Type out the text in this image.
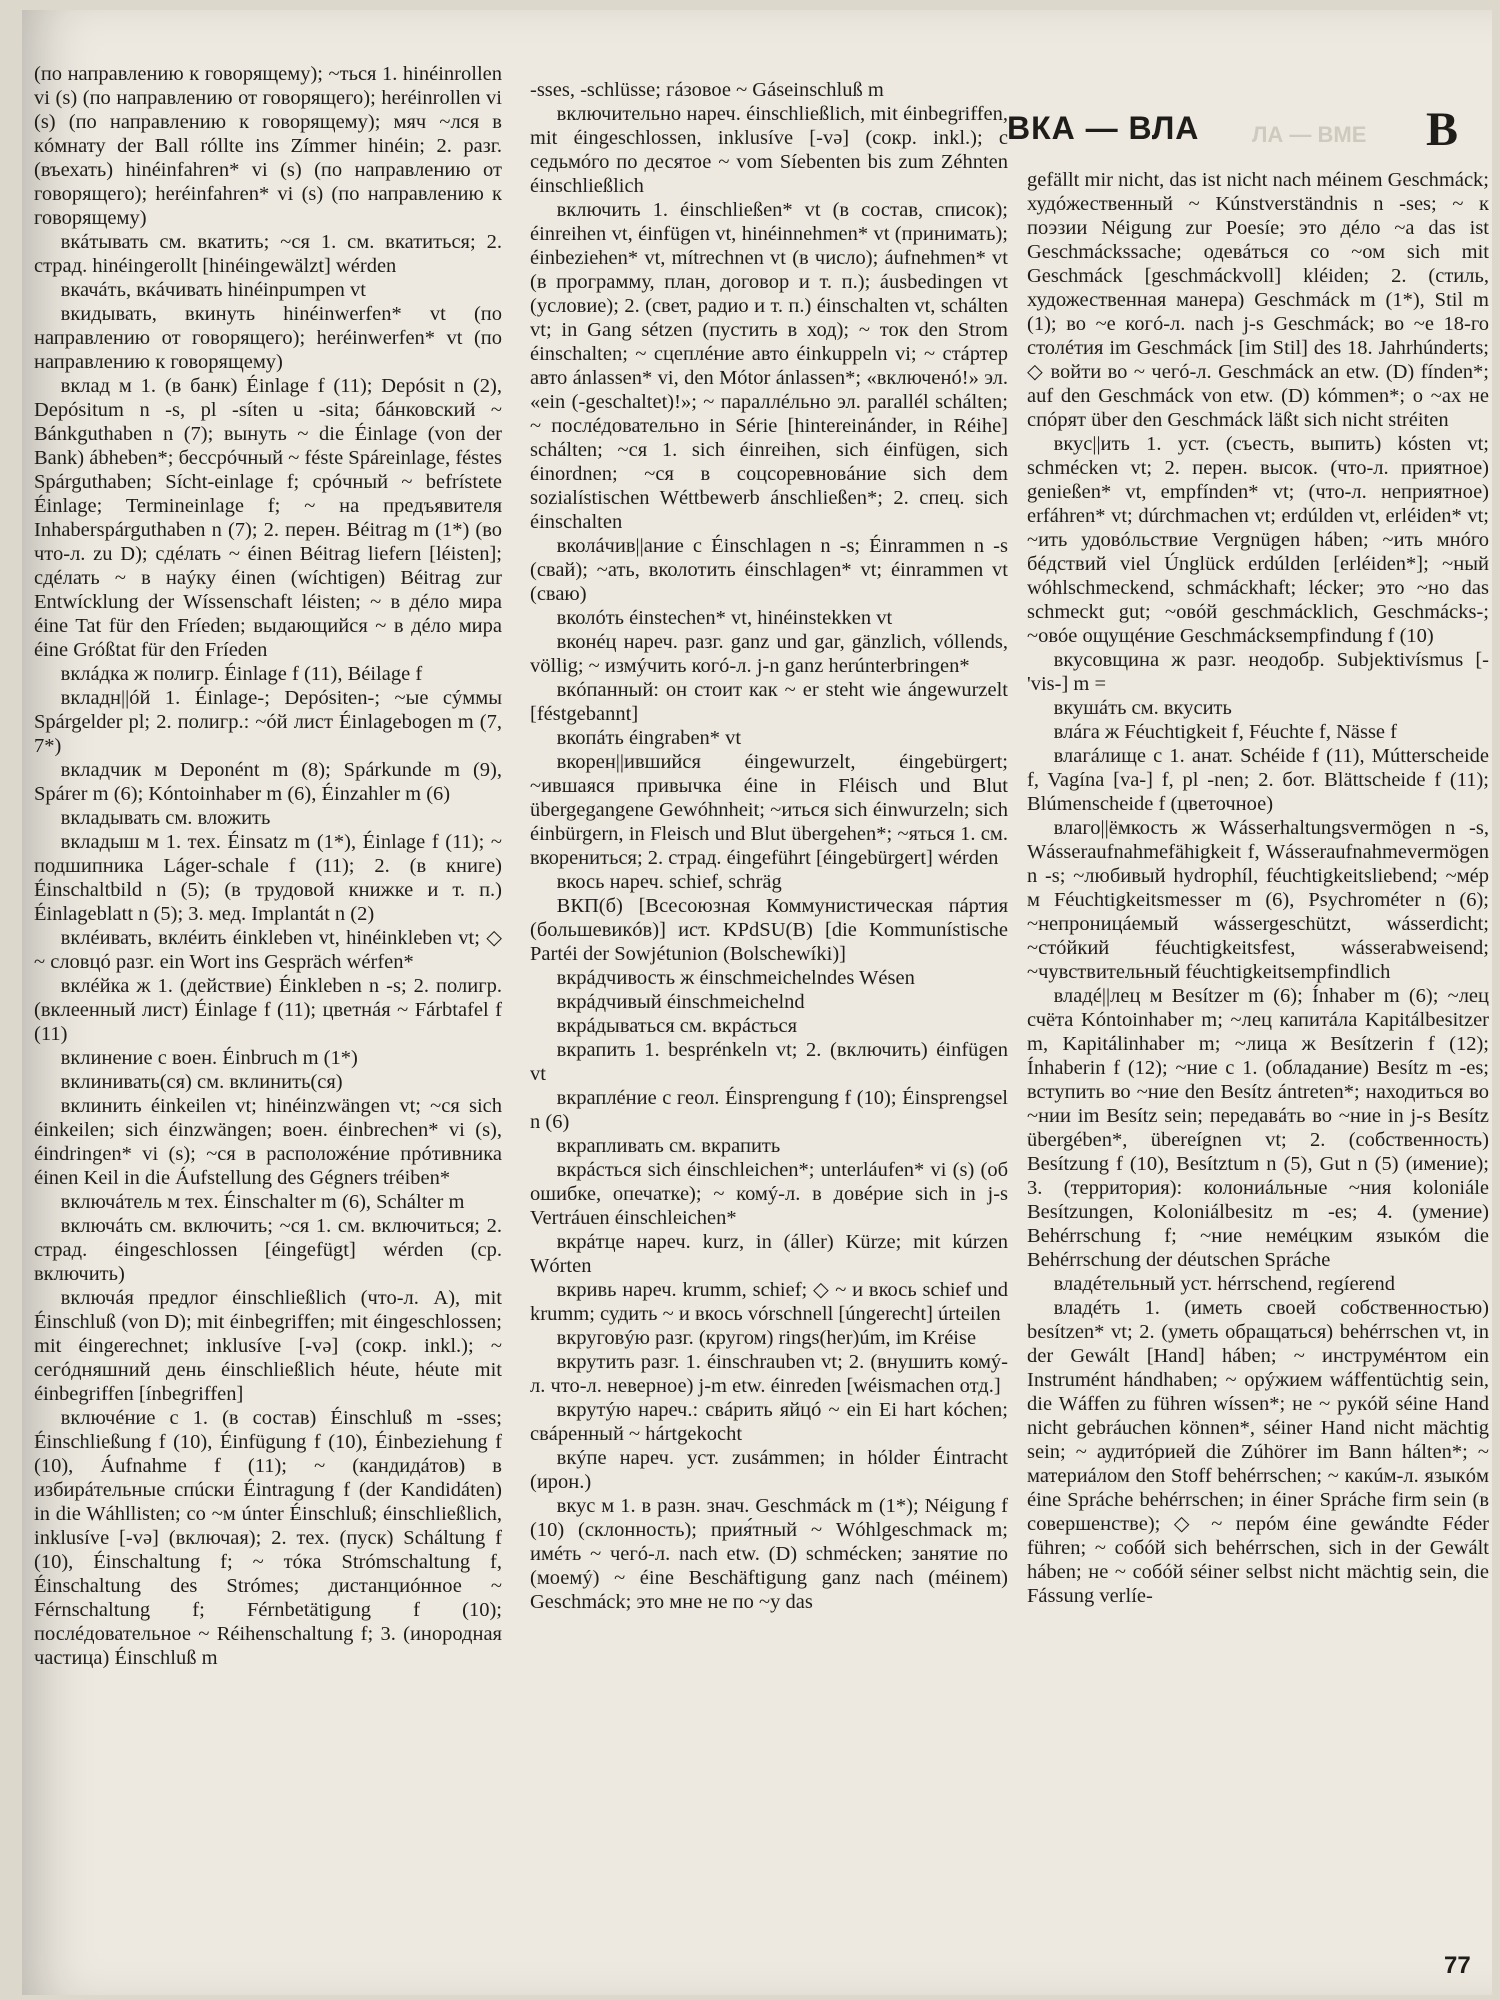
(по направлению к говорящему); ~ться 1. hinéinrollen vi (s) (по направлению от говорящего); heréinrollen vi (s) (по направлению к говорящему); мяч ~лся в кóмнату der Ball róllte ins Zímmer hinéin; 2. разг. (въехать) hinéinfahren* vi (s) (по направлению от говорящего); heréinfahren* vi (s) (по направлению к говорящему)

вкáтывать см. вкатить; ~ся 1. см. вкатиться; 2. страд. hinéingerollt [hinéingewälzt] wérden

вкачáть, вкáчивать hinéinpumpen vt

вкидывать, вкинуть hinéinwerfen* vt (по направлению от говорящего); heréinwerfen* vt (по направлению к говорящему)

вклад м 1. (в банк) Éinlage f (11); Depósit n (2), Depósitum n -s, pl -síten u -sita; бáнковский ~ Bánkguthaben n (7); вынуть ~ die Éinlage (von der Bank) ábheben*; бессрóчный ~ féste Spáreinlage, féstes Spárguthaben; Sícht-einlage f; срóчный ~ befrístete Éinlage; Termineinlage f; ~ на предъявителя Inhaberspárguthaben n (7); 2. перен. Béitrag m (1*) (во что-л. zu D); сдéлать ~ éinen Béitrag liefern [léisten]; сдéлать ~ в наýку éinen (wíchtigen) Béitrag zur Entwícklung der Wíssenschaft léisten; ~ в дéло мира éine Tat für den Fríeden; выдающийся ~ в дéло мира éine Gróßtat für den Fríeden

вклáдка ж полигр. Éinlage f (11), Béilage f

вкладн||óй 1. Éinlage-; Depósiten-; ~ые сýммы Spárgelder pl; 2. полигр.: ~óй лист Éinlagebogen m (7, 7*)

вкладчик м Deponént m (8); Spárkunde m (9), Spárer m (6); Kóntoinhaber m (6), Éinzahler m (6)

вкладывать см. вложить

вкладыш м 1. тех. Éinsatz m (1*), Éinlage f (11); ~ подшипника Láger-schale f (11); 2. (в книге) Éinschaltbild n (5); (в трудовой книжке и т. п.) Éinlageblatt n (5); 3. мед. Implantát n (2)

вклéивать, вклéить éinkleben vt, hinéinkleben vt; ◇ ~ словцó разг. ein Wort ins Gespräch wérfen*

вклéйка ж 1. (действие) Éinkleben n -s; 2. полигр. (вклеенный лист) Éinlage f (11); цветнáя ~ Fárbtafel f (11)

вклинение с воен. Éinbruch m (1*)

вклинивать(ся) см. вклинить(ся)

вклинить éinkeilen vt; hinéinzwängen vt; ~ся sich éinkeilen; sich éinzwängen; воен. éinbrechen* vi (s), éindringen* vi (s); ~ся в расположéние прóтивника éinen Keil in die Áufstellung des Gégners tréiben*

включáтель м тех. Éinschalter m (6), Schálter m

включáть см. включить; ~ся 1. см. включиться; 2. страд. éingeschlossen [éingefügt] wérden (ср. включить)

включáя предлог éinschließlich (что-л. A), mit Éinschluß (von D); mit éinbegriffen; mit éingeschlossen; mit éingerechnet; inklusíve [-və] (сокр. inkl.); ~ сегóдняшний день éinschließlich héute, héute mit éinbegriffen [ínbegriffen]

включéние с 1. (в состав) Éinschluß m -sses; Éinschließung f (10), Éinfügung f (10), Éinbeziehung f (10), Áufnahme f (11); ~ (кандидáтов) в избирáтельные спúски Éintragung f (der Kandidáten) in die Wáhllisten; со ~м únter Éinschluß; éinschließlich, inklusíve [-və] (включая); 2. тех. (пуск) Scháltung f (10), Éinschaltung f; ~ тóка Strómschaltung f, Éinschaltung des Strómes; дистанциóнное ~ Férnschaltung f; Férnbetätigung f (10); послéдовательное ~ Réihenschaltung f; 3. (инородная частица) Éinschluß m

-sses, -schlüsse; гáзовое ~ Gáseinschluß m

включительно нареч. éinschließlich, mit éinbegriffen, mit éingeschlossen, inklusíve [-və] (сокр. inkl.); с седьмóго по десятое ~ vom Síebenten bis zum Zéhnten éinschließlich

включить 1. éinschließen* vt (в состав, список); éinreihen vt, éinfügen vt, hinéinnehmen* vt (принимать); éinbeziehen* vt, mítrechnen vt (в число); áufnehmen* vt (в программу, план, договор и т. п.); áusbedingen vt (условие); 2. (свет, радио и т. п.) éinschalten vt, schálten vt; in Gang sétzen (пустить в ход); ~ ток den Strom éinschalten; ~ сцеплéние авто éinkuppeln vi; ~ стáртер авто ánlassen* vi, den Mótor ánlassen*; «включенó!» эл. «ein (-geschaltet)!»; ~ параллéльно эл. parallél schálten; ~ послéдовательно in Série [hintereinánder, in Réihe] schálten; ~ся 1. sich éinreihen, sich éinfügen, sich éinordnen; ~ся в соцсоревновáние sich dem sozialístischen Wéttbewerb ánschließen*; 2. спец. sich éinschalten

вколáчив||ание с Éinschlagen n -s; Éinrammen n -s (свай); ~ать, вколотить éinschlagen* vt; éinrammen vt (сваю)

вколóть éinstechen* vt, hinéinstekken vt

вконéц нареч. разг. ganz und gar, gänzlich, vóllends, völlig; ~ измýчить когó-л. j-n ganz herúnterbringen*

вкóпанный: он стоит как ~ er steht wie ángewurzelt [féstgebannt]

вкопáть éingraben* vt

вкорен||ившийся éingewurzelt, éingebürgert; ~ившаяся привычка éine in Fléisch und Blut übergegangene Gewóhnheit; ~иться sich éinwurzeln; sich éinbürgern, in Fleisch und Blut übergehen*; ~яться 1. см. вкорениться; 2. страд. éingeführt [éingebürgert] wérden

вкось нареч. schief, schräg

ВКП(б) [Всесоюзная Коммунистическая пáртия (большевикóв)] ист. KPdSU(B) [die Kommunístische Partéi der Sowjétunion (Bolschewíki)]

вкрáдчивость ж éinschmeichelndes Wésen

вкрáдчивый éinschmeichelnd

вкрáдываться см. вкрáсться

вкрапить 1. besprénkeln vt; 2. (включить) éinfügen vt

вкраплéние с геол. Éinsprengung f (10); Éinsprengsel n (6)

вкрапливать см. вкрапить

вкрáсться sich éinschleichen*; unterláufen* vi (s) (об ошибке, опечатке); ~ комý-л. в довéрие sich in j-s Vertráuen éinschleichen*

вкрáтце нареч. kurz, in (áller) Kürze; mit kúrzen Wórten

вкривь нареч. krumm, schief; ◇ ~ и вкось schief und krumm; судить ~ и вкось vórschnell [úngerecht] úrteilen

вкруговýю разг. (кругом) rings(her)úm, im Kréise

вкрутить разг. 1. éinschrauben vt; 2. (внушить комý-л. что-л. неверное) j-m etw. éinreden [wéismachen отд.]

вкрутýю нареч.: свáрить яйцó ~ ein Ei hart kóchen; свáренный ~ hártgekocht

вкýпе нареч. уст. zusámmen; in hólder Éintracht (ирон.)

вкус м 1. в разн. знач. Geschmáck m (1*); Néigung f (10) (склонность); прия́тный ~ Wóhlgeschmack m; имéть ~ чегó-л. nach etw. (D) schmécken; занятие по (моемý) ~ éine Beschäftigung ganz nach (méinem) Geschmáck; это мне не по ~у das

ВКА — ВЛА ЛА — ВМЕ В

gefällt mir nicht, das ist nicht nach méinem Geschmáck; худóжественный ~ Kúnstverständnis n -ses; ~ к поэзии Néigung zur Poesíe; это дéло ~а das ist Geschmáckssache; одевáться со ~ом sich mit Geschmáck [geschmáckvoll] kléiden; 2. (стиль, художественная манера) Geschmáck m (1*), Stil m (1); во ~е когó-л. nach j-s Geschmáck; во ~е 18-го столéтия im Geschmáck [im Stil] des 18. Jahrhúnderts; ◇ войти во ~ чегó-л. Geschmáck an etw. (D) fínden*; auf den Geschmáck von etw. (D) kómmen*; о ~ах не спóрят über den Geschmáck läßt sich nicht stréiten

вкус||ить 1. уст. (съесть, выпить) kósten vt; schmécken vt; 2. перен. высок. (что-л. приятное) genießen* vt, empfínden* vt; (что-л. неприятное) erfáhren* vt; dúrchmachen vt; erdúlden vt, erléiden* vt; ~ить удовóльствие Vergnügen háben; ~ить мнóго бéдствий viel Únglück erdúlden [erléiden*]; ~ный wóhlschmeckend, schmáckhaft; lécker; это ~но das schmeckt gut; ~овóй geschmácklich, Geschmácks-; ~овóе ощущéние Geschmácksempfindung f (10)

вкусовщина ж разг. неодобр. Subjektivísmus [-'vis-] m =

вкушáть см. вкусить

влáга ж Féuchtigkeit f, Féuchte f, Nässe f

влагáлище с 1. анат. Schéide f (11), Mútterscheide f, Vagína [va-] f, pl -nen; 2. бот. Blättscheide f (11); Blúmenscheide f (цветочное)

влаго||ёмкость ж Wásserhaltungsvermögen n -s, Wásseraufnahmefähigkeit f, Wásseraufnahmevermögen n -s; ~любивый hydrophíl, féuchtigkeitsliebend; ~мéр м Féuchtigkeitsmesser m (6), Psychrométer n (6); ~непроницáемый wássergeschützt, wásserdicht; ~стóйкий féuchtigkeitsfest, wásserabweisend; ~чувствительный féuchtigkeitsempfindlich

владé||лец м Besítzer m (6); Ínhaber m (6); ~лец счёта Kóntoinhaber m; ~лец капитáла Kapitálbesitzer m, Kapitálinhaber m; ~лица ж Besítzerin f (12); Ínhaberin f (12); ~ние с 1. (обладание) Besítz m -es; вступить во ~ние den Besítz ántreten*; находиться во ~нии im Besítz sein; передавáть во ~ние in j-s Besítz übergében*, übereígnen vt; 2. (собственность) Besítzung f (10), Besítztum n (5), Gut n (5) (имение); 3. (территория): колониáльные ~ния koloniále Besítzungen, Koloniálbesitz m -es; 4. (умение) Behérrschung f; ~ние немéцким языкóм die Behérrschung der déutschen Spráche

владéтельный уст. hérrschend, regíerend

владéть 1. (иметь своей собственностью) besítzen* vt; 2. (уметь обращаться) behérrschen vt, in der Gewált [Hand] háben; ~ инструмéнтом ein Instrumént hándhaben; ~ орýжием wáffentüchtig sein, die Wáffen zu führen wíssen*; не ~ рукóй séine Hand nicht gebráuchen können*, séiner Hand nicht mächtig sein; ~ аудитóрией die Zúhörer im Bann hálten*; ~ материáлом den Stoff behérrschen; ~ какúм-л. языкóм éine Spráche behérrschen; in éiner Spráche firm sein (в совершенстве); ◇ ~ перóм éine gewándte Féder führen; ~ собóй sich behérrschen, sich in der Gewált háben; не ~ собóй séiner selbst nicht mächtig sein, die Fássung verlíe-

77
